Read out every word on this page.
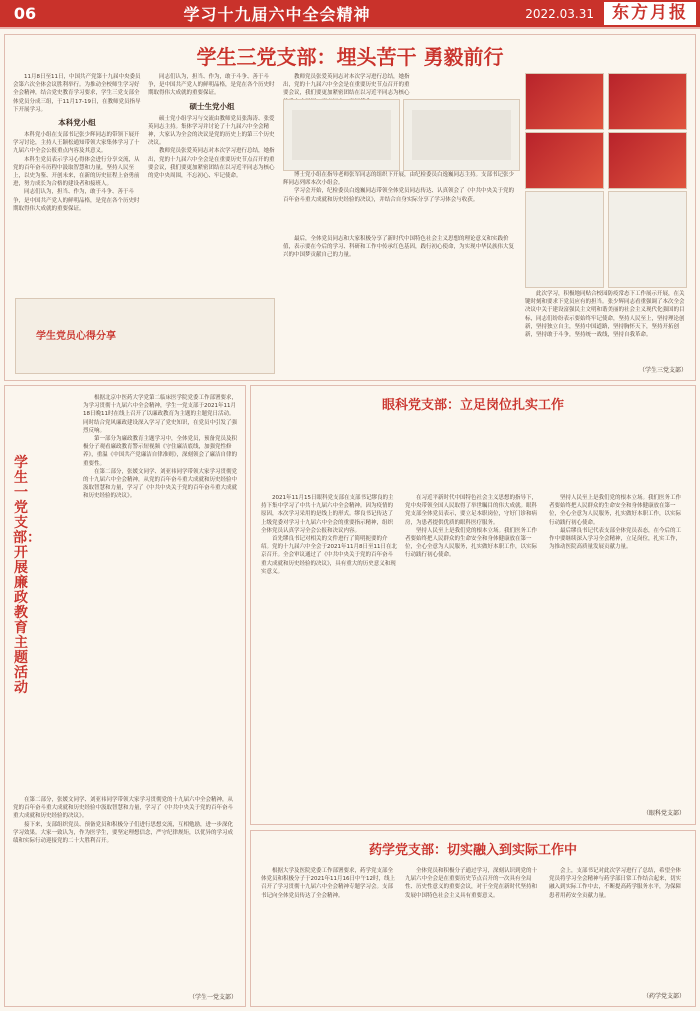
06	学习十九届六中全会精神	2022.03.31	东方月报
学生三党支部：埋头苦干 勇毅前行

11月8日至11日，中国共产党第十九届中央委员会第六次全体会议胜利举行。为推动全校师生学习好全会精神，结合党史教育学习要求，学生三党支部全体党员分成三组，于11月17-19日，在教师党员指导下开展学习。

本科党小组

本科党小组在支部书记张少辉同志的带领下展开学习讨论，主持人王颖松通知带领大家集体学习了十九届六中全会公报重点内容及其意义。

本科生党员表示学习心得体会进行分享交流，从党的百年奋斗历程中汲取智慧和力量，坚持人民至上，以史为鉴、开创未来，在新的历史征程上奋勇前进，努力成长为合格的建设者和接班人。

同志们认为，担当、作为，敢于斗争、善于斗争，是中国共产党人的鲜明品格，是党在各个历史时期取得伟大成就的重要保证。

学生党员心得分享

同志们认为，担当、作为，敢于斗争、善于斗争，是中国共产党人的鲜明品格，是党在各个历史时期取得伟大成就的重要保证。

硕士生党小组

硕士党小组学习与交流由教师党员张海涛、张爱英同志主持。集体学习并讨论了十九届六中全会精神，大家认为全会的决议是党的历史上的第三个历史决议。

教师党员张爱英同志对本次学习进行总结，她指出，党的十九届六中全会是在重要历史节点召开的重要会议，我们要更加紧密团结在以习近平同志为核心的党中央周围，不忘初心、牢记使命。

教师党员张爱英同志对本次学习进行总结，她指出，党的十九届六中全会是在重要历史节点召开的重要会议，我们要更加紧密团结在以习近平同志为核心

博士党小组在指导老师张军同志的组织下开展，由纪检委员白逸巍同志主持。支部书记张少辉同志列席本次小组会。

学习会开始，纪检委员白逸巍同志带领全体党员同志传达、认真领会了《中共中央关于党的百年奋斗重大成就和历史经验的决议》，并结合自身实际分享了学习体会与收获。

最后，全体党员同志和大家积极分享了新时代中国特色社会主义思想的理论意义和实践价值，表示要在今后的学习、科研和工作中传承红色基因，践行初心使命，为实现中华民族伟大复兴的中国梦贡献自己的力量。

此次学习，积极地同贴合校园防疫常态下工作展示开展，在关键时刻和要求下党员应有的担当。张少辉同志看重强调了本次全会决议中关于建设富强民主文明和谐美丽的社会主义现代化强国的目标，同志们纷纷表示要始终牢记使命，坚持人民至上，坚持理论创新，坚持独立自主，坚持中国道路，坚持胸怀天下，坚持开拓创新，坚持敢于斗争，坚持统一战线，坚持自我革命。

（学生三党支部）
学生一党支部：开展廉政教育主题活动

根据北京中医药大学党第二临床医学院党委工作部署要求，为学习贯彻十九届六中全会精神，学生一党支部于2021年11月18日晚11时在线上召开了以廉政教育为主题的主题党日活动。同时结合党风廉政建设深入学习了党史知识，在党员中引发了强烈反响。

第一部分为廉政教育主题学习中，全体党员，预备党员及积极分子观看廉政教育警示短视频《守住廉洁底线，加强党性修养》，重温《中国共产党廉洁自律准则》，深刻领会了廉洁自律的重要性。

在第二部分，张媛文同学、刘亚祎同学带领大家学习贯彻党的十九届六中全会精神，从党的百年奋斗重大成就和历史经验中汲取智慧和力量，学习了《中共中央关于党的百年奋斗重大成就和历史经验的决议》。

在第二部分，张媛文同学、刘亚祎同学带领大家学习贯彻党的十九届六中全会精神，从党的百年奋斗重大成就和历史经验中汲取智慧和力量，学习了《中共中央关于党的百年奋斗重大成就和历史经验的决议》。

接下来，支部组织党员、预备党员和积极分子们进行思想交流，互相勉励，进一步深化学习效果。大家一致认为，作为医学生，要坚定理想信念，严守纪律规矩，以优异的学习成绩和实际行动迎接党的二十大胜利召开。

（学生一党支部）
眼科党支部：立足岗位扎实工作

2021年11月15日眼科党支部在支部书记缪良的主持下集中学习了中共十九届六中全会精神。因为疫情的原因，本次学习采用的是线上的形式。缪良书记传达了上级党委对学习十九届六中全会的重要指示精神，组织全体党员认真学习全会公报和决议内容。

首先缪良书记对相关的文件进行了简明扼要的介绍。党的十九届六中全会于2021年11月8日至11日在北京召开。全会审议通过了《中共中央关于党的百年奋斗重大成就和历史经验的决议》，具有重大的历史意义和现实意义。

在习近平新时代中国特色社会主义思想的指导下，党中央带领全国人民取得了举世瞩目的伟大成就。眼科党支部全体党员表示，要立足本职岗位，守好门诊和病房，为患者提供优质的眼科医疗服务。

坚持人民至上是我们党的根本立场。我们医务工作者要始终把人民群众的生命安全和身体健康放在第一位，全心全意为人民服务，扎实做好本职工作，以实际行动践行初心使命。

坚持人民至上是我们党的根本立场。我们医务工作者要始终把人民群众的生命安全和身体健康放在第一位，全心全意为人民服务，扎实做好本职工作，以实际行动践行初心使命。

最后缪良书记代表支部全体党员表态，在今后的工作中要继续深入学习全会精神，立足岗位，扎实工作，为推动医院高质量发展贡献力量。

（眼科党支部）
药学党支部：切实融入到实际工作中

根据大学及医院党委工作部署要求，药学党支部全体党员和积极分子于2021年11月16日中午12时，线上召开了学习贯彻十九届六中全会精神专题学习会。支部书记向全体党员传达了全会精神。

全体党员和积极分子通过学习，深刻认识到党的十九届六中全会是在重要历史节点召开的一次具有全局性、历史性意义的重要会议，对于全党在新时代坚持和发展中国特色社会主义具有重要意义。

会上，支部书记对此次学习进行了总结，希望全体党员将学习全会精神与药学部日常工作结合起来，切实融入到实际工作中去，不断提高药学服务水平，为保障患者用药安全贡献力量。

（药学党支部）
